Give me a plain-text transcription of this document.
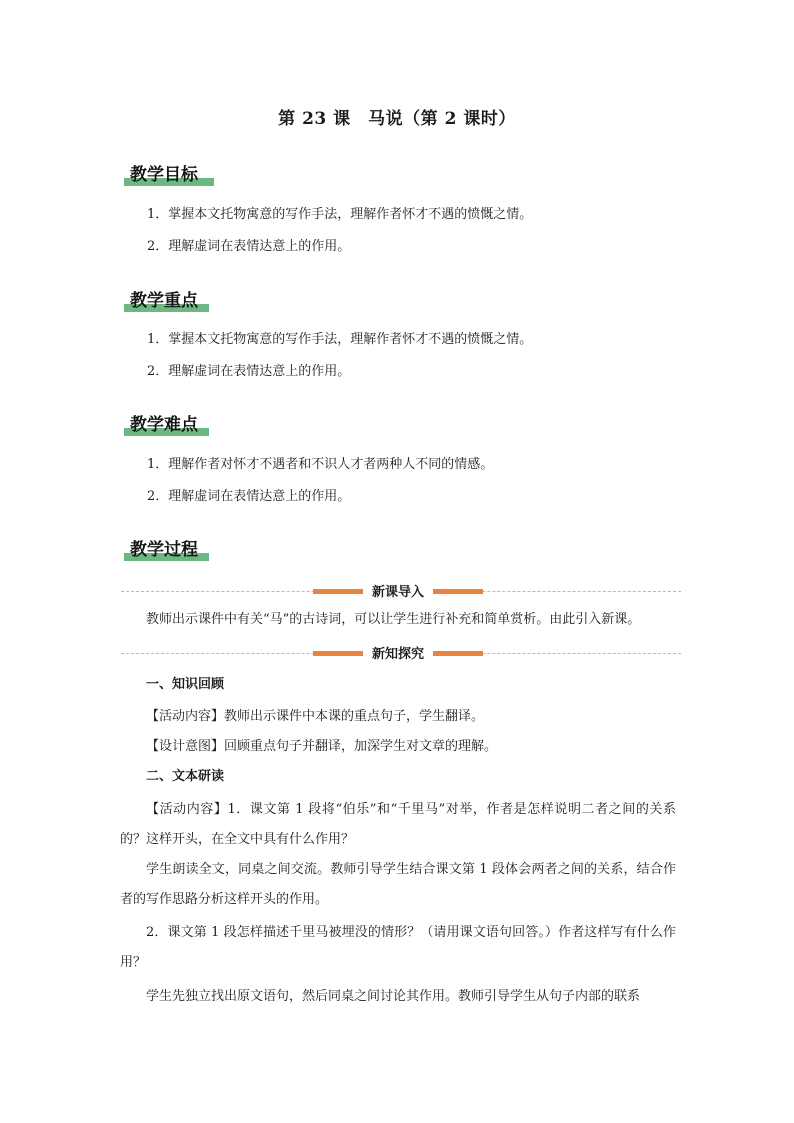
第 23 课　马说（第 2 课时）
教学目标
1．掌握本文托物寓意的写作手法，理解作者怀才不遇的愤慨之情。
2．理解虚词在表情达意上的作用。
教学重点
1．掌握本文托物寓意的写作手法，理解作者怀才不遇的愤慨之情。
2．理解虚词在表情达意上的作用。
教学难点
1．理解作者对怀才不遇者和不识人才者两种人不同的情感。
2．理解虚词在表情达意上的作用。
教学过程
新课导入
教师出示课件中有关“马”的古诗词，可以让学生进行补充和简单赏析。由此引入新课。
新知探究
一、知识回顾
【活动内容】教师出示课件中本课的重点句子，学生翻译。
【设计意图】回顾重点句子并翻译，加深学生对文章的理解。
二、文本研读
【活动内容】1．课文第 1 段将“伯乐”和“千里马”对举，作者是怎样说明二者之间的关系的？这样开头，在全文中具有什么作用？
学生朗读全文，同桌之间交流。教师引导学生结合课文第 1 段体会两者之间的关系，结合作者的写作思路分析这样开头的作用。
2．课文第 1 段怎样描述千里马被埋没的情形？（请用课文语句回答。）作者这样写有什么作用？
学生先独立找出原文语句，然后同桌之间讨论其作用。教师引导学生从句子内部的联系
